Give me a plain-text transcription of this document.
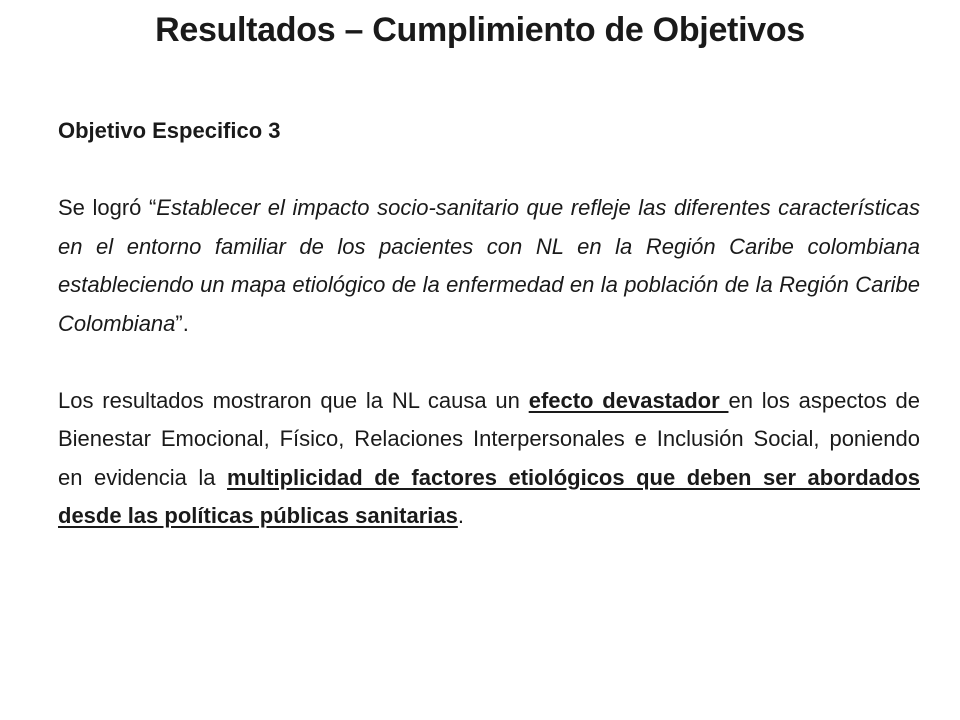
Resultados – Cumplimiento de Objetivos

Objetivo Especifico 3

Se logró “Establecer el impacto socio-sanitario que refleje las diferentes características en el entorno familiar de los pacientes con NL en la Región Caribe colombiana estableciendo un mapa etiológico de la enfermedad en la población de la Región Caribe Colombiana”.

Los resultados mostraron que la NL causa un efecto devastador en los aspectos de Bienestar Emocional, Físico, Relaciones Interpersonales e Inclusión Social, poniendo en evidencia la multiplicidad de factores etiológicos que deben ser abordados desde las políticas públicas sanitarias.
